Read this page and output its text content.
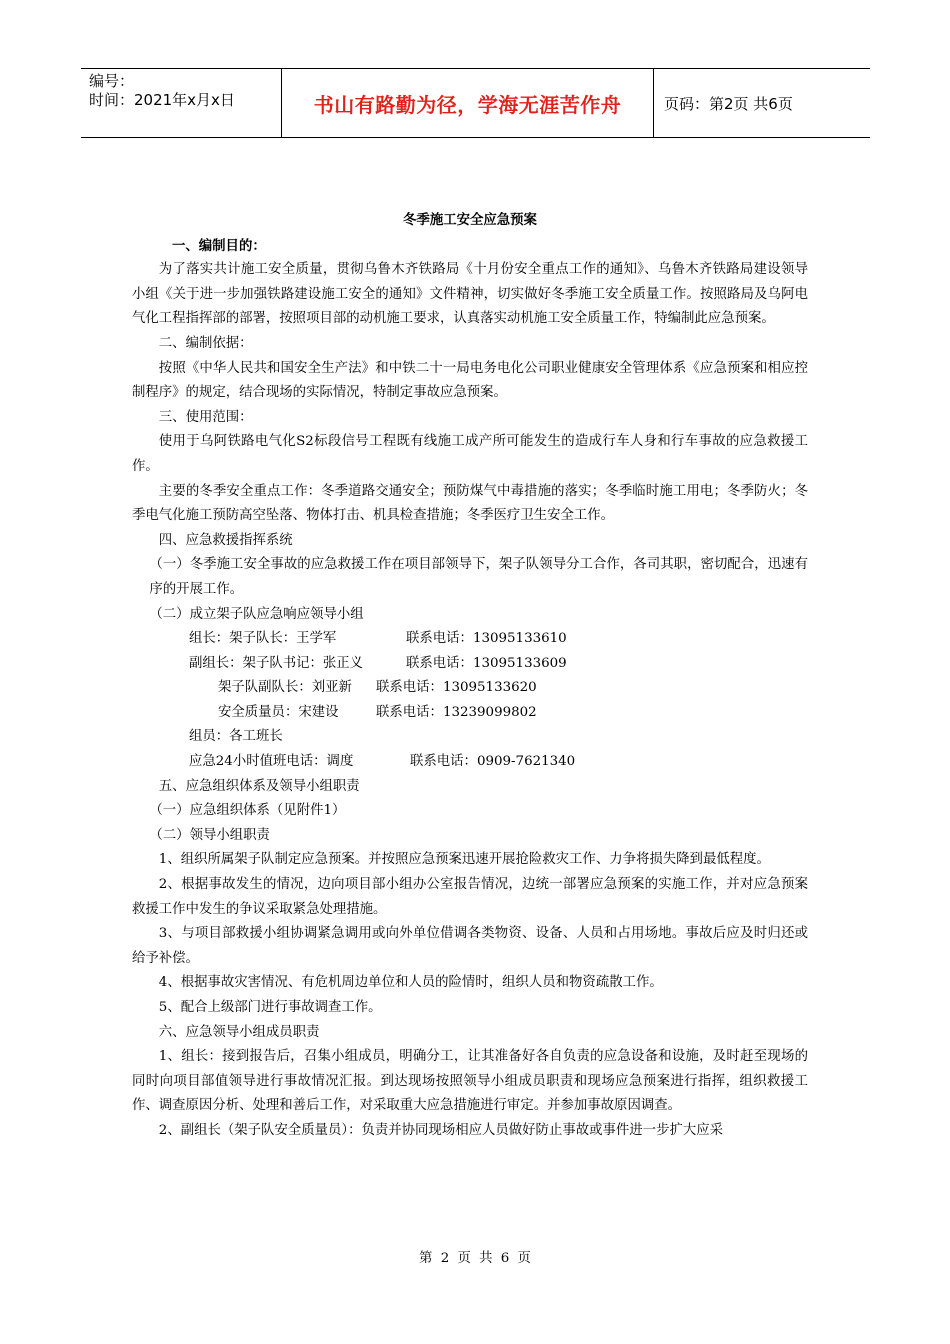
编号：
时间：2021年x月x日	书山有路勤为径，学海无涯苦作舟	页码：第2页 共6页
冬季施工安全应急预案

一、编制目的：

为了落实共计施工安全质量，贯彻乌鲁木齐铁路局《十月份安全重点工作的通知》、乌鲁木齐铁路局建设领导小组《关于进一步加强铁路建设施工安全的通知》文件精神，切实做好冬季施工安全质量工作。按照路局及乌阿电气化工程指挥部的部署，按照项目部的动机施工要求，认真落实动机施工安全质量工作，特编制此应急预案。

二、编制依据：

按照《中华人民共和国安全生产法》和中铁二十一局电务电化公司职业健康安全管理体系《应急预案和相应控制程序》的规定，结合现场的实际情况，特制定事故应急预案。

三、使用范围：

使用于乌阿铁路电气化S2标段信号工程既有线施工成产所可能发生的造成行车人身和行车事故的应急救援工作。

主要的冬季安全重点工作：冬季道路交通安全；预防煤气中毒措施的落实；冬季临时施工用电；冬季防火；冬季电气化施工预防高空坠落、物体打击、机具检查措施；冬季医疗卫生安全工作。

四、应急救援指挥系统

（一）冬季施工安全事故的应急救援工作在项目部领导下，架子队领导分工合作，各司其职，密切配合，迅速有序的开展工作。

（二）成立架子队应急响应领导小组

组长：架子队长：王学军	联系电话：13095133610

副组长：架子队书记：张正义	联系电话：13095133609

架子队副队长：刘亚新 联系电话：13095133620

安全质量员：宋建设	联系电话：13239099802

组员：各工班长

应急24小时值班电话：调度	联系电话：0909-7621340

五、应急组织体系及领导小组职责

（一）应急组织体系（见附件1）

（二）领导小组职责

1、组织所属架子队制定应急预案。并按照应急预案迅速开展抢险救灾工作、力争将损失降到最低程度。

2、根据事故发生的情况，边向项目部小组办公室报告情况，边统一部署应急预案的实施工作，并对应急预案救援工作中发生的争议采取紧急处理措施。

3、与项目部救援小组协调紧急调用或向外单位借调各类物资、设备、人员和占用场地。事故后应及时归还或给予补偿。

4、根据事故灾害情况、有危机周边单位和人员的险情时，组织人员和物资疏散工作。

5、配合上级部门进行事故调查工作。

六、应急领导小组成员职责

1、组长：接到报告后，召集小组成员，明确分工，让其准备好各自负责的应急设备和设施，及时赶至现场的同时向项目部值领导进行事故情况汇报。到达现场按照领导小组成员职责和现场应急预案进行指挥，组织救援工作、调查原因分析、处理和善后工作，对采取重大应急措施进行审定。并参加事故原因调查。

2、副组长（架子队安全质量员）：负责并协同现场相应人员做好防止事故或事件进一步扩大应采

第 2 页 共 6 页
